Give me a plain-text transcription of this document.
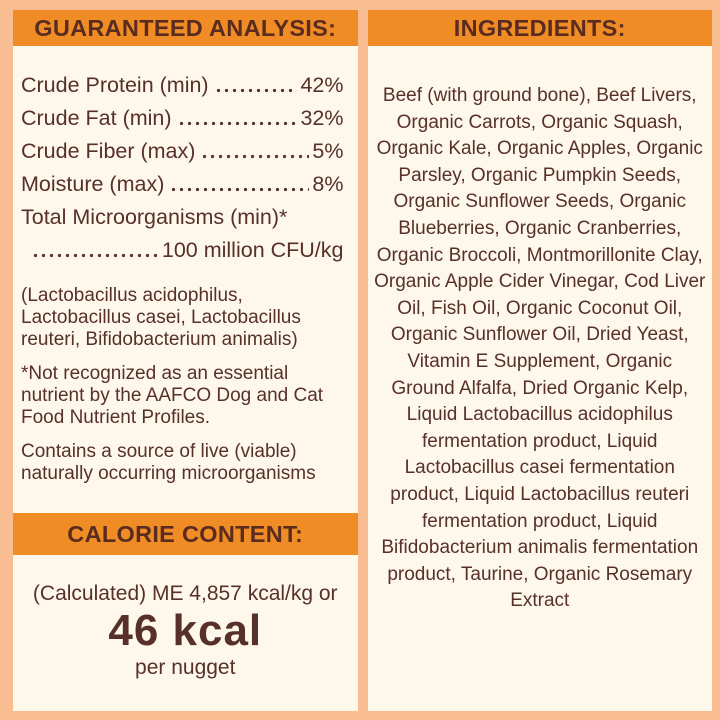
GUARANTEED ANALYSIS:
Crude Protein (min)	42%
Crude Fat (min)	32%
Crude Fiber (max)	5%
Moisture (max)	8%
Total Microorganisms (min)*
100 million CFU/kg

(Lactobacillus acidophilus, Lactobacillus casei, Lactobacillus reuteri, Bifidobacterium animalis)

*Not recognized as an essential nutrient by the AAFCO Dog and Cat Food Nutrient Profiles.

Contains a source of live (viable) naturally occurring microorganisms

CALORIE CONTENT:
(Calculated) ME 4,857 kcal/kg or
46 kcal
per nugget
INGREDIENTS:
Beef (with ground bone), Beef Livers, Organic Carrots, Organic Squash, Organic Kale, Organic Apples, Organic Parsley, Organic Pumpkin Seeds, Organic Sunflower Seeds, Organic Blueberries, Organic Cranberries, Organic Broccoli, Montmorillonite Clay, Organic Apple Cider Vinegar, Cod Liver Oil, Fish Oil, Organic Coconut Oil, Organic Sunflower Oil, Dried Yeast, Vitamin E Supplement, Organic Ground Alfalfa, Dried Organic Kelp, Liquid Lactobacillus acidophilus fermentation product, Liquid Lactobacillus casei fermentation product, Liquid Lactobacillus reuteri fermentation product, Liquid Bifidobacterium animalis fermentation product, Taurine, Organic Rosemary Extract
